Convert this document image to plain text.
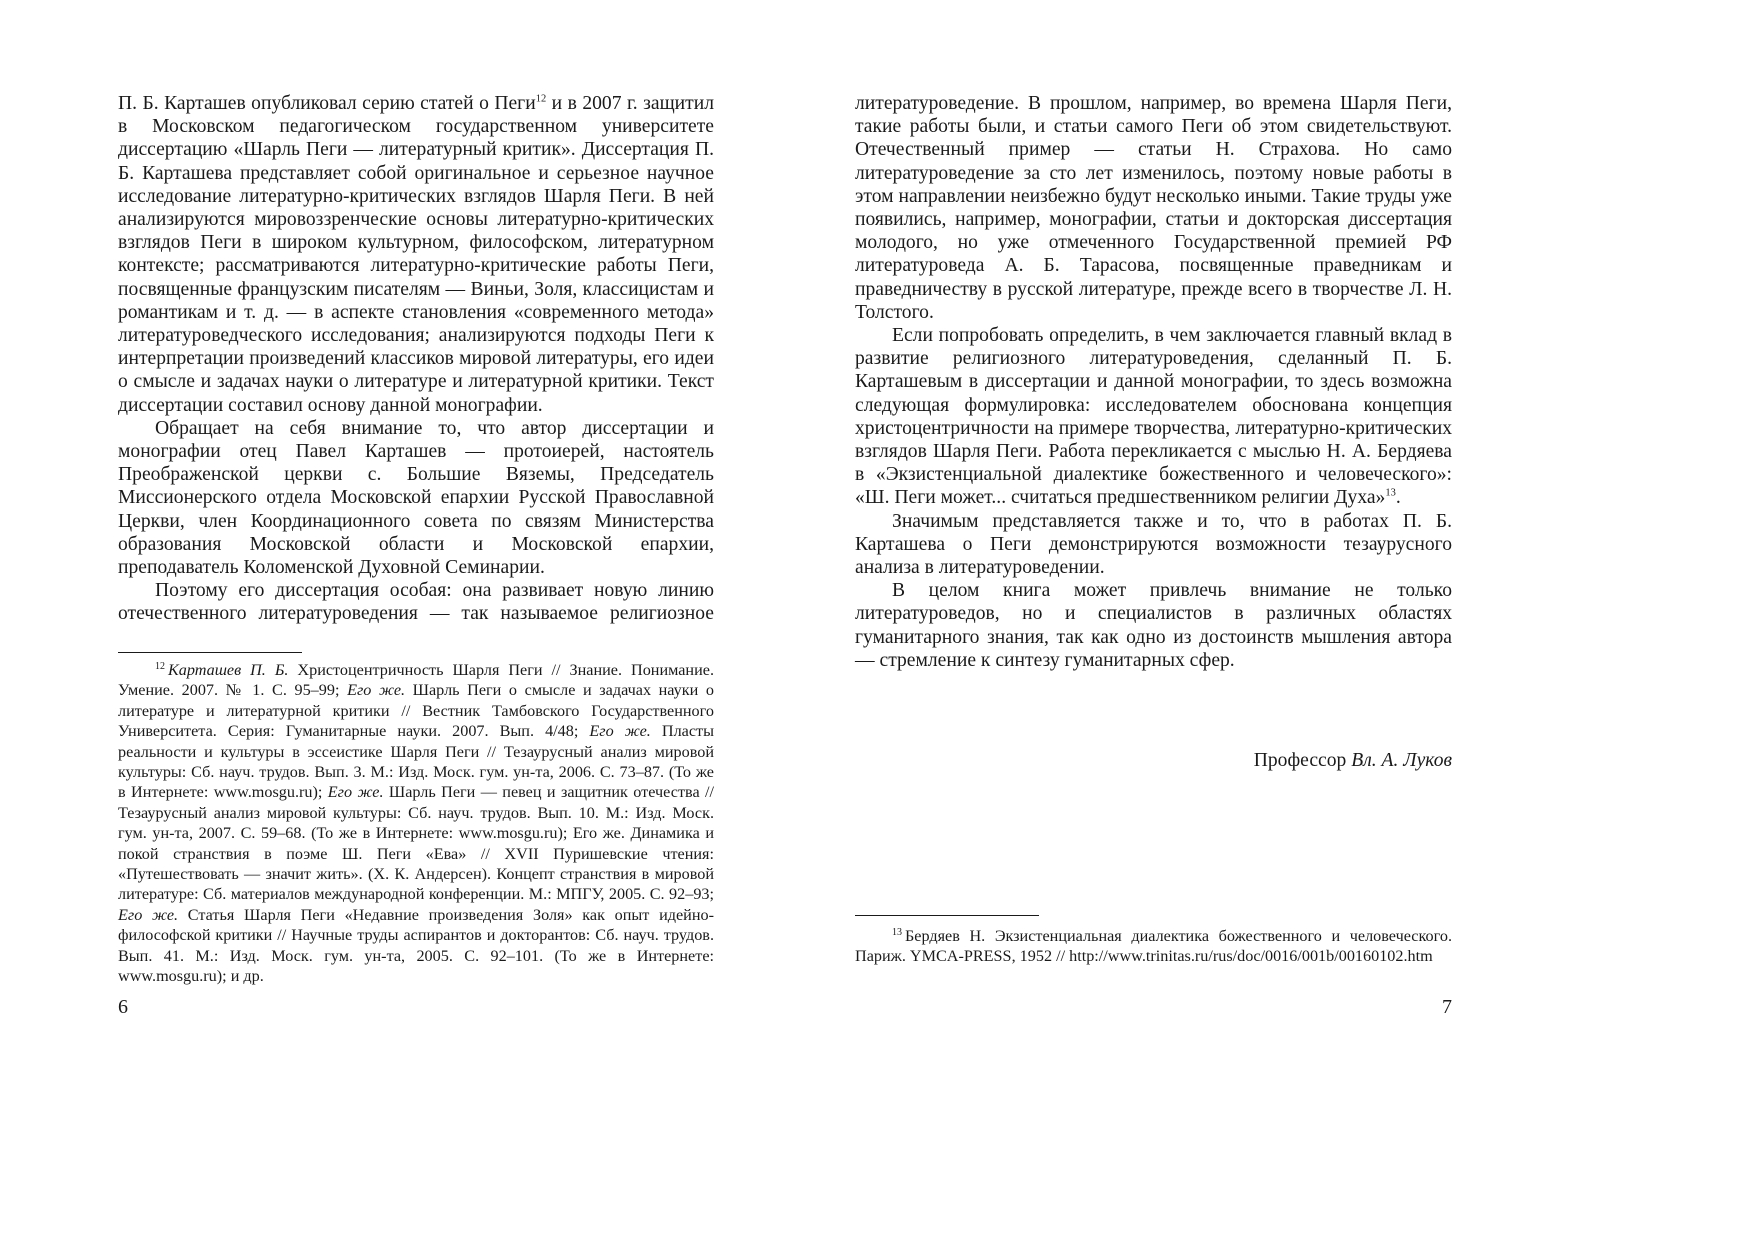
П. Б. Карташев опубликовал серию статей о Пеги$^{12}$ и в 2007 г. защитил в Московском педагогическом государственном университете диссертацию «Шарль Пеги — литературный критик». Диссертация П. Б. Карташева представляет собой оригинальное и серьезное научное исследование литературно-критических взглядов Шарля Пеги. В ней анализируются мировоззренческие основы литературно-критических взглядов Пеги в широком культурном, философском, литературном контексте; рассматриваются литературно-критические работы Пеги, посвященные французским писателям — Виньи, Золя, классицистам и романтикам и т. д. — в аспекте становления «современного метода» литературоведческого исследования; анализируются подходы Пеги к интерпретации произведений классиков мировой литературы, его идеи о смысле и задачах науки о литературе и литературной критики. Текст диссертации составил основу данной монографии.

Обращает на себя внимание то, что автор диссертации и монографии отец Павел Карташев — протоиерей, настоятель Преображенской церкви с. Большие Вяземы, Председатель Миссионерского отдела Московской епархии Русской Православной Церкви, член Координационного совета по связям Министерства образования Московской области и Московской епархии, преподаватель Коломенской Духовной Семинарии.

Поэтому его диссертация особая: она развивает новую линию отечественного литературоведения — так называемое религиозное

$^{12}$ Карташев П. Б. Христоцентричность Шарля Пеги // Знание. Понимание. Умение. 2007. № 1. С. 95–99; Его же. Шарль Пеги о смысле и задачах науки о литературе и литературной критики // Вестник Тамбовского Государственного Университета. Серия: Гуманитарные науки. 2007. Вып. 4/48; Его же. Пласты реальности и культуры в эссеистике Шарля Пеги // Тезаурусный анализ мировой культуры: Сб. науч. трудов. Вып. 3. М.: Изд. Моск. гум. ун-та, 2006. С. 73–87. (То же в Интернете: www.mosgu.ru); Его же. Шарль Пеги — певец и защитник отечества // Тезаурусный анализ мировой культуры: Сб. науч. трудов. Вып. 10. М.: Изд. Моск. гум. ун-та, 2007. С. 59–68. (То же в Интернете: www.mosgu.ru); Его же. Динамика и покой странствия в поэме Ш. Пеги «Ева» // XVII Пуришевские чтения: «Путешествовать — значит жить». (Х. К. Андерсен). Концепт странствия в мировой литературе: Сб. материалов международной конференции. М.: МПГУ, 2005. С. 92–93; Его же. Статья Шарля Пеги «Недавние произведения Золя» как опыт идейно-философской критики // Научные труды аспирантов и докторантов: Сб. науч. трудов. Вып. 41. М.: Изд. Моск. гум. ун-та, 2005. С. 92–101. (То же в Интернете: www.mosgu.ru); и др.

6

литературоведение. В прошлом, например, во времена Шарля Пеги, такие работы были, и статьи самого Пеги об этом свидетельствуют. Отечественный пример — статьи Н. Страхова. Но само литературоведение за сто лет изменилось, поэтому новые работы в этом направлении неизбежно будут несколько иными. Такие труды уже появились, например, монографии, статьи и докторская диссертация молодого, но уже отмеченного Государственной премией РФ литературоведа А. Б. Тарасова, посвященные праведникам и праведничеству в русской литературе, прежде всего в творчестве Л. Н. Толстого.

Если попробовать определить, в чем заключается главный вклад в развитие религиозного литературоведения, сделанный П. Б. Карташевым в диссертации и данной монографии, то здесь возможна следующая формулировка: исследователем обоснована концепция христоцентричности на примере творчества, литературно-критических взглядов Шарля Пеги. Работа перекликается с мыслью Н. А. Бердяева в «Экзистенциальной диалектике божественного и человеческого»: «Ш. Пеги может... считаться предшественником религии Духа»$^{13}$.

Значимым представляется также и то, что в работах П. Б. Карташева о Пеги демонстрируются возможности тезаурусного анализа в литературоведении.

В целом книга может привлечь внимание не только литературоведов, но и специалистов в различных областях гуманитарного знания, так как одно из достоинств мышления автора — стремление к синтезу гуманитарных сфер.

Профессор Вл. А. Луков

$^{13}$ Бердяев Н. Экзистенциальная диалектика божественного и человеческого. Париж. YMCA-PRESS, 1952 // http://www.trinitas.ru/rus/doc/0016/001b/00160102.htm

7
